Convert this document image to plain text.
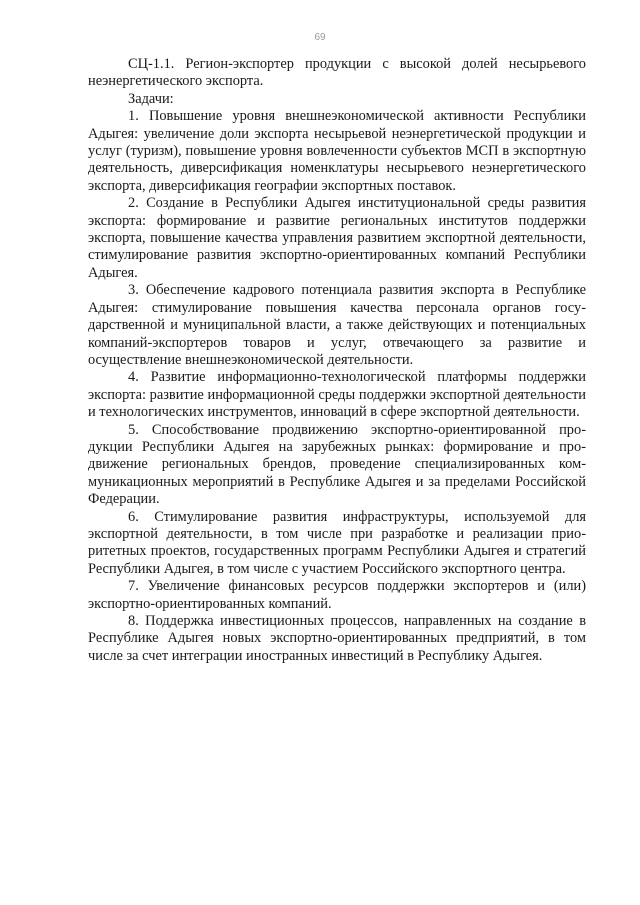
69

СЦ-1.1. Регион-экспортер продукции с высокой долей несырьевого неэнергетического экспорта.

Задачи:

1. Повышение уровня внешнеэкономической активности Республики Адыгея: увеличение доли экспорта несырьевой неэнергетической продукции и услуг (туризм), повышение уровня вовлеченности субъектов МСП в экспортную деятельность, диверсификация номенклатуры несырьевого неэнергетического экспорта, диверсификация географии экспортных поставок.

2. Создание в Республики Адыгея институциональной среды развития экспорта: формирование и развитие региональных институтов поддержки экспорта, повышение качества управления развитием экспортной деятельности, стимулирование развития экспортно-ориентированных компаний Республики Адыгея.

3. Обеспечение кадрового потенциала развития экспорта в Республике Адыгея: стимулирование повышения качества персонала органов государственной и муниципальной власти, а также действующих и потенциальных компаний-экспортеров товаров и услуг, отвечающего за развитие и осуществление внешнеэкономической деятельности.

4. Развитие информационно-технологической платформы поддержки экспорта: развитие информационной среды поддержки экспортной деятельности и технологических инструментов, инноваций в сфере экспортной деятельности.

5. Способствование продвижению экспортно-ориентированной продукции Республики Адыгея на зарубежных рынках: формирование и продвижение региональных брендов, проведение специализированных коммуникационных мероприятий в Республике Адыгея и за пределами Российской Федерации.

6. Стимулирование развития инфраструктуры, используемой для экспортной деятельности, в том числе при разработке и реализации приоритетных проектов, государственных программ Республики Адыгея и стратегий Республики Адыгея, в том числе с участием Российского экспортного центра.

7. Увеличение финансовых ресурсов поддержки экспортеров и (или) экспортно-ориентированных компаний.

8. Поддержка инвестиционных процессов, направленных на создание в Республике Адыгея новых экспортно-ориентированных предприятий, в том числе за счет интеграции иностранных инвестиций в Республику Адыгея.
